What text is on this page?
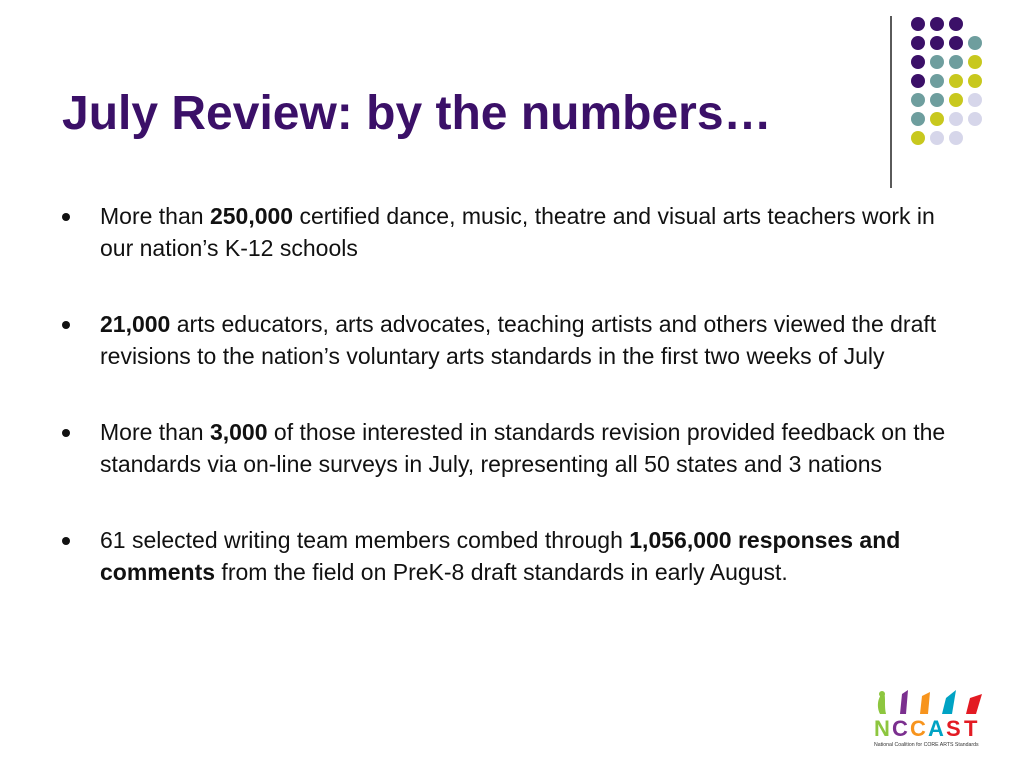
July Review: by the numbers…
More than 250,000 certified dance, music, theatre and visual arts teachers work in our nation’s K-12 schools
21,000 arts educators, arts advocates, teaching artists and others viewed the draft revisions to the nation’s voluntary arts standards in the first two weeks of July
More than 3,000 of those interested in standards revision provided feedback on the standards via on-line surveys in July, representing all 50 states and 3 nations
61 selected writing team members combed through 1,056,000 responses and comments from the field on PreK-8 draft standards in early August.
N C C A S T
National Coalition for CORE ARTS Standards
